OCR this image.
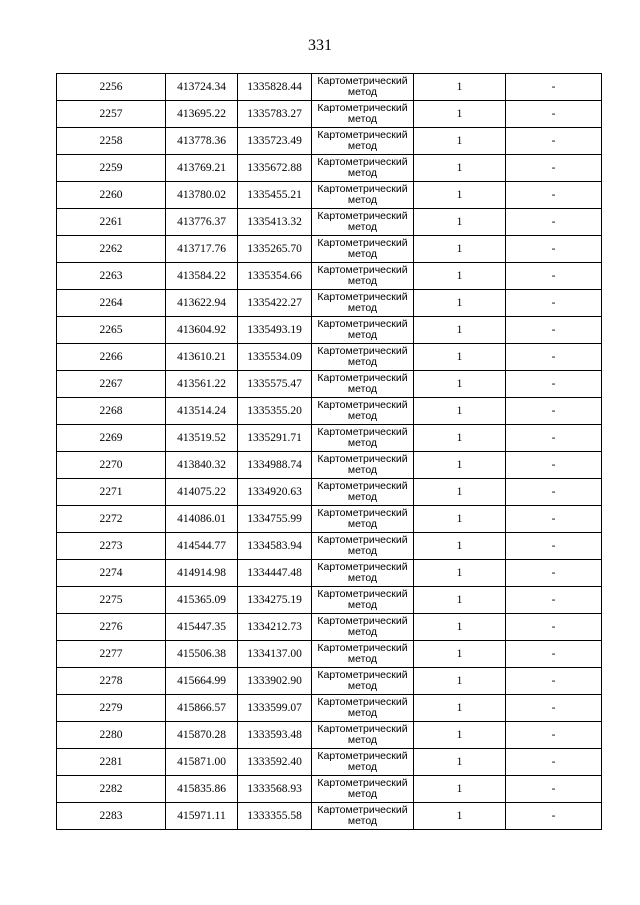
331
2256	413724.34	1335828.44	Картометрический метод	1	-
2257	413695.22	1335783.27	Картометрический метод	1	-
2258	413778.36	1335723.49	Картометрический метод	1	-
2259	413769.21	1335672.88	Картометрический метод	1	-
2260	413780.02	1335455.21	Картометрический метод	1	-
2261	413776.37	1335413.32	Картометрический метод	1	-
2262	413717.76	1335265.70	Картометрический метод	1	-
2263	413584.22	1335354.66	Картометрический метод	1	-
2264	413622.94	1335422.27	Картометрический метод	1	-
2265	413604.92	1335493.19	Картометрический метод	1	-
2266	413610.21	1335534.09	Картометрический метод	1	-
2267	413561.22	1335575.47	Картометрический метод	1	-
2268	413514.24	1335355.20	Картометрический метод	1	-
2269	413519.52	1335291.71	Картометрический метод	1	-
2270	413840.32	1334988.74	Картометрический метод	1	-
2271	414075.22	1334920.63	Картометрический метод	1	-
2272	414086.01	1334755.99	Картометрический метод	1	-
2273	414544.77	1334583.94	Картометрический метод	1	-
2274	414914.98	1334447.48	Картометрический метод	1	-
2275	415365.09	1334275.19	Картометрический метод	1	-
2276	415447.35	1334212.73	Картометрический метод	1	-
2277	415506.38	1334137.00	Картометрический метод	1	-
2278	415664.99	1333902.90	Картометрический метод	1	-
2279	415866.57	1333599.07	Картометрический метод	1	-
2280	415870.28	1333593.48	Картометрический метод	1	-
2281	415871.00	1333592.40	Картометрический метод	1	-
2282	415835.86	1333568.93	Картометрический метод	1	-
2283	415971.11	1333355.58	Картометрический метод	1	-
